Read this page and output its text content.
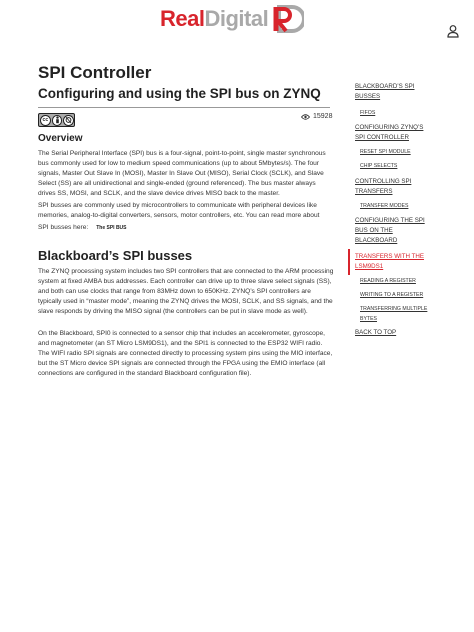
RealDigital
SPI Controller
Configuring and using the SPI bus on ZYNQ
cc	15928
Overview

The Serial Peripheral Interface (SPI) bus is a four-signal, point-to-point, single master synchronous bus commonly used for low to medium speed communications (up to about 5Mbytes/s). The four signals, Master Out Slave In (MOSI), Master In Slave Out (MISO), Serial Clock (SCLK), and Slave Select (SS) are all unidirectional and single-ended (ground referenced). The bus master always drives SS, MOSI, and SCLK, and the slave device drives MISO back to the master.

SPI busses are commonly used by microcontrollers to communicate with peripheral devices like memories, analog-to-digital converters, sensors, motor controllers, etc. You can read more about

SPI busses here: The SPI BUS

Blackboard’s SPI busses

The ZYNQ processing system includes two SPI controllers that are connected to the ARM processing system at fixed AMBA bus addresses. Each controller can drive up to three slave select signals (SS), and both can use clocks that range from 83MHz down to 650KHz. ZYNQ’s SPI controllers are typically used in “master mode”, meaning the ZYNQ drives the MOSI, SCLK, and SS signals, and the slave responds by driving the MISO signal (the controllers can be put in slave mode as well).

On the Blackboard, SPI0 is connected to a sensor chip that includes an accelerometer, gyroscope, and magnetometer (an ST Micro LSM9DS1), and the SPI1 is connected to the ESP32 WIFI radio. The WIFI radio SPI signals are connected directly to processing system pins using the MIO interface, but the ST Micro device SPI signals are connected through the FPGA using the EMIO interface (all connections are configured in the standard Blackboard configuration file).

BLACKBOARD’S SPI
BUSSES
FIFOS
CONFIGURING ZYNQ’S
SPI CONTROLLER
RESET SPI MODULE
CHIP SELECTS
CONTROLLING SPI
TRANSFERS
TRANSFER MODES
CONFIGURING THE SPI
BUS ON THE
BLACKBOARD
TRANSFERS WITH THE
LSM9DS1
READING A REGISTER
WRITING TO A REGISTER
TRANSFERRING MULTIPLE
BYTES
BACK TO TOP
